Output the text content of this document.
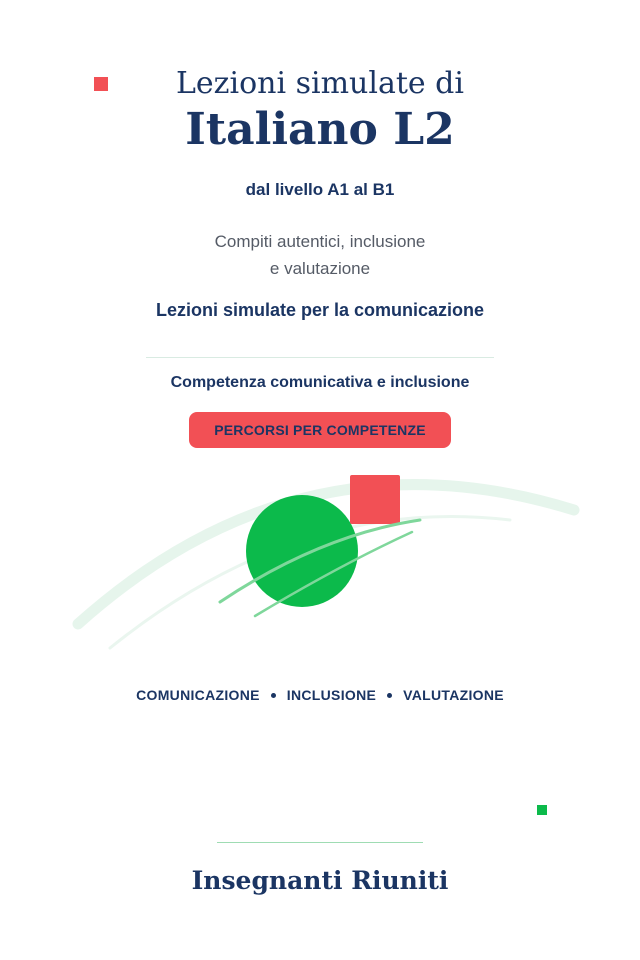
Lezioni simulate di
Italiano L2
dal livello A1 al B1
Compiti autentici, inclusione
e valutazione
Lezioni simulate per la comunicazione
Competenza comunicativa e inclusione
PERCORSI PER COMPETENZE
COMUNICAZIONE INCLUSIONE VALUTAZIONE
Insegnanti Riuniti
